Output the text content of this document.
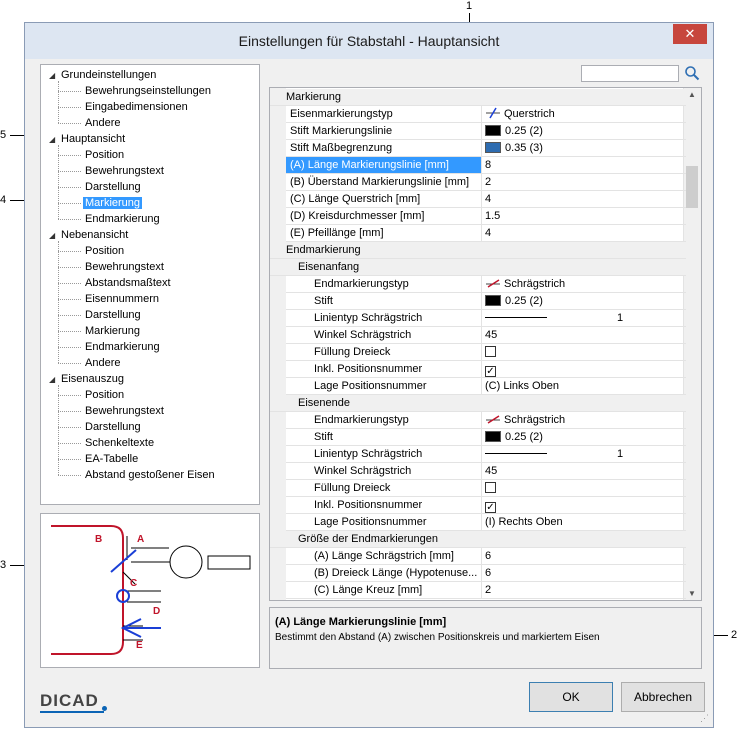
1
5
4
3
2
Einstellungen für Stabstahl - Hauptansicht	✕
◢ Grundeinstellungen
Bewehrungseinstellungen
Eingabedimensionen
Andere
◢ Hauptansicht
Position
Bewehrungstext
Darstellung
Markierung
Endmarkierung
◢ Nebenansicht
Position
Bewehrungstext
Abstandsmaßtext
Eisennummern
Darstellung
Markierung
Endmarkierung
Andere
◢ Eisenauszug
Position
Bewehrungstext
Darstellung
Schenkeltexte
EA-Tabelle
Abstand gestoßener Eisen
B	A
C
D
E
DICAD
▲
▼
Markierung
Eisenmarkierungstyp	Querstrich
Stift Markierungslinie	0.25 (2)
Stift Maßbegrenzung	0.35 (3)
(A) Länge Markierungslinie [mm]	8
(B) Überstand Markierungslinie [mm]	2
(C) Länge Querstrich [mm]	4
(D) Kreisdurchmesser [mm]	1.5
(E) Pfeillänge [mm]	4
Endmarkierung
Eisenanfang
Endmarkierungstyp	Schrägstrich
Stift	0.25 (2)
Linientyp Schrägstrich	1
Winkel Schrägstrich	45
Füllung Dreieck
Inkl. Positionsnummer	✓
Lage Positionsnummer	(C) Links Oben
Eisenende
Endmarkierungstyp	Schrägstrich
Stift	0.25 (2)
Linientyp Schrägstrich	1
Winkel Schrägstrich	45
Füllung Dreieck
Inkl. Positionsnummer	✓
Lage Positionsnummer	(I) Rechts Oben
Größe der Endmarkierungen
(A) Länge Schrägstrich [mm]	6
(B) Dreieck Länge (Hypotenuse... 6
(C) Länge Kreuz [mm]	2
(A) Länge Markierungslinie [mm]
Bestimmt den Abstand (A) zwischen Positionskreis und markiertem Eisen
OK	Abbrechen
⋰
